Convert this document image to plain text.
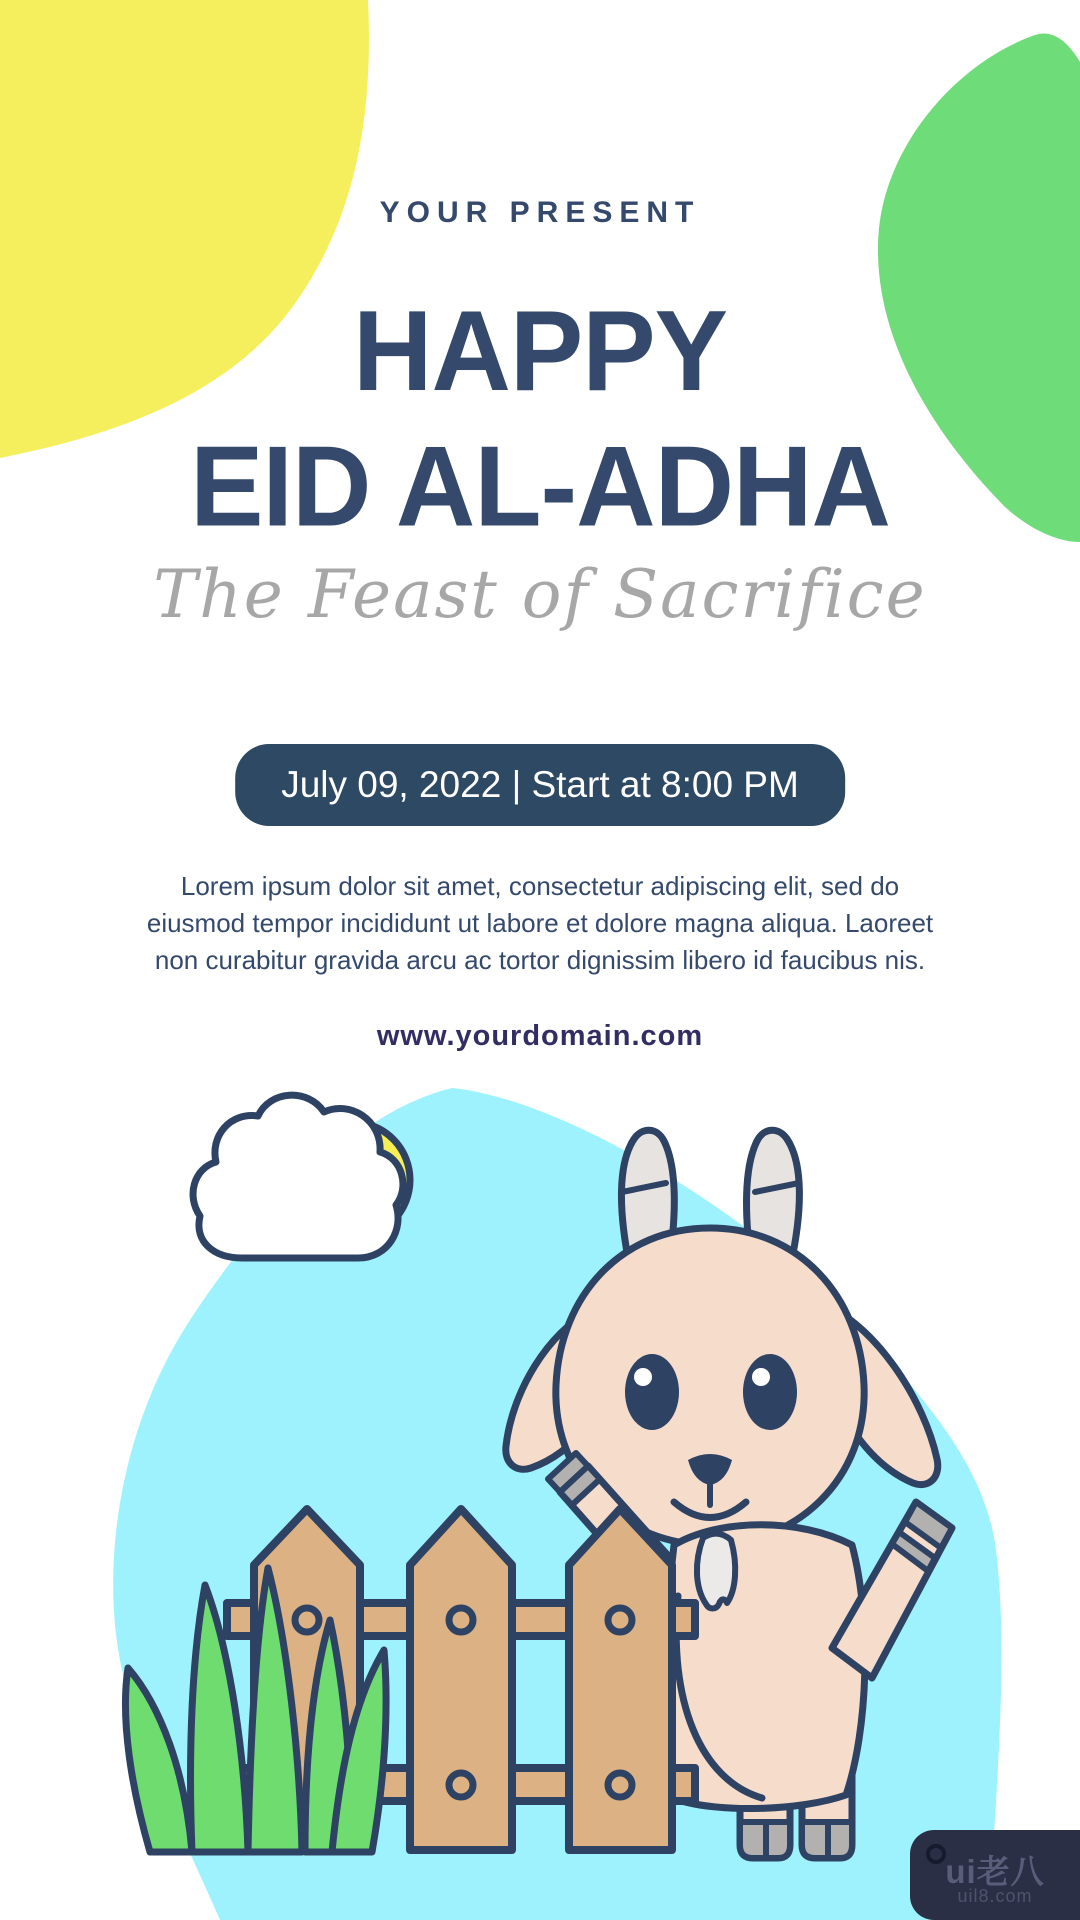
YOUR PRESENT
HAPPY
EID AL-ADHA
The Feast of Sacrifice
July 09, 2022 | Start at 8:00 PM
Lorem ipsum dolor sit amet, consectetur adipiscing elit, sed do eiusmod tempor incididunt ut labore et dolore magna aliqua. Laoreet non curabitur gravida arcu ac tortor dignissim libero id faucibus nis.
www.yourdomain.com
ui老八
uil8.com
